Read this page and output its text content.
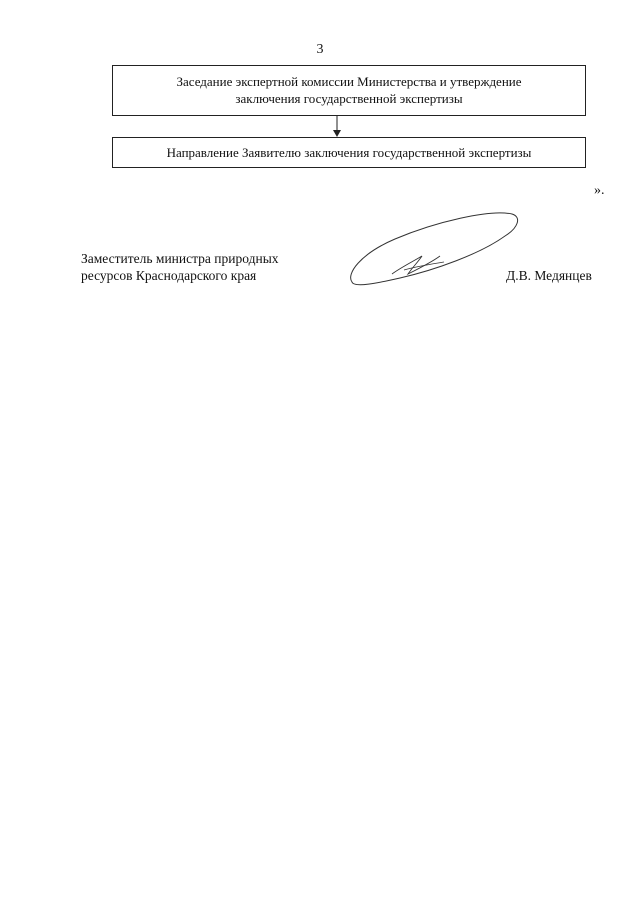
3
Заседание экспертной комиссии Министерства и утверждение
заключения государственной экспертизы
Направление Заявителю заключения государственной экспертизы
».
Заместитель министра природных
ресурсов Краснодарского края	Д.В. Медянцев
